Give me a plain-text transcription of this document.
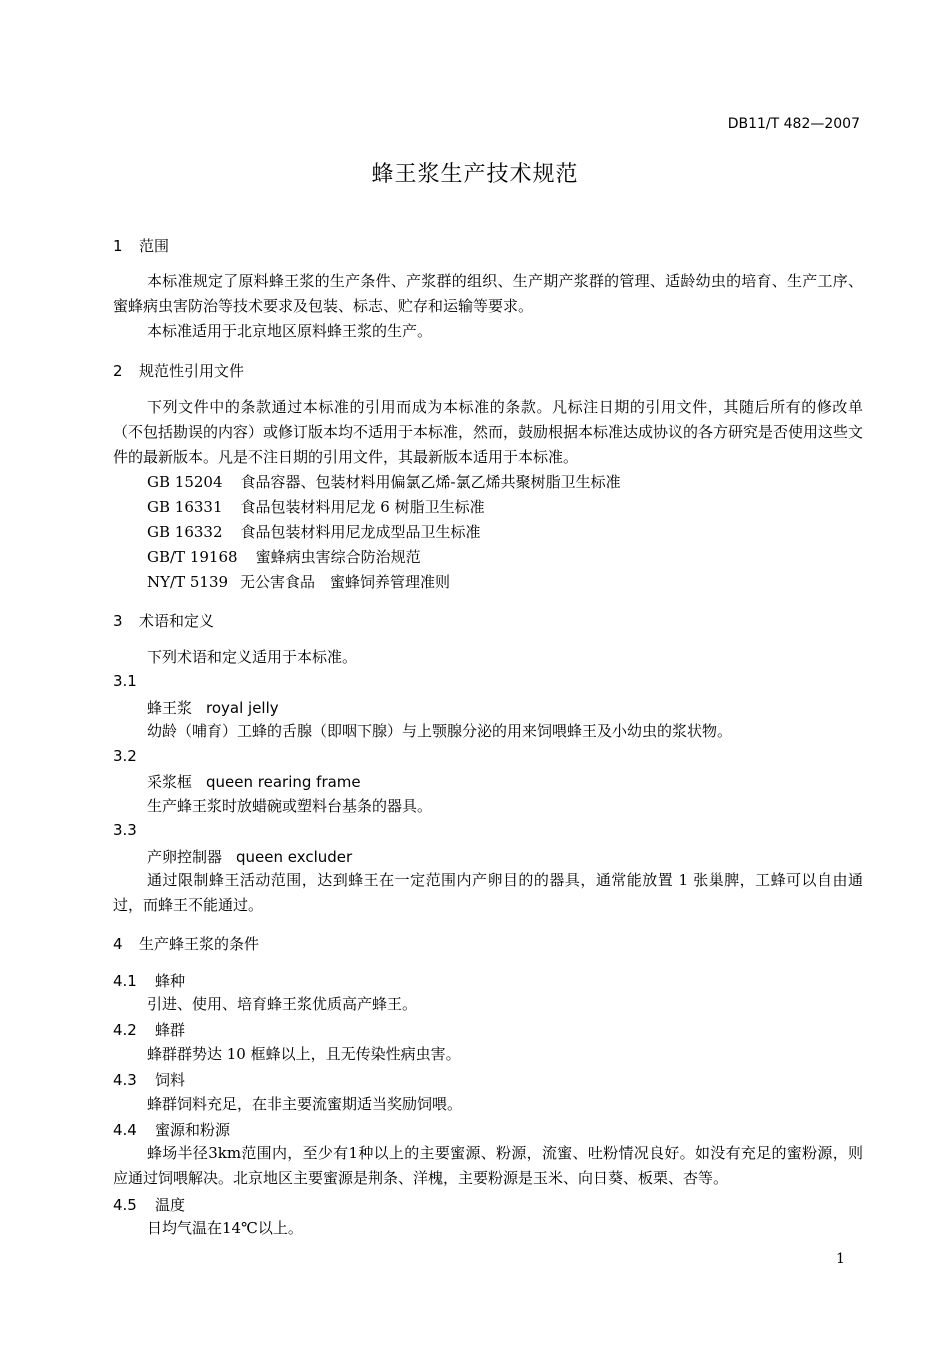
DB11/T 482—2007
蜂王浆生产技术规范
1 范围
本标准规定了原料蜂王浆的生产条件、产浆群的组织、生产期产浆群的管理、适龄幼虫的培育、生产工序、蜜蜂病虫害防治等技术要求及包装、标志、贮存和运输等要求。
本标准适用于北京地区原料蜂王浆的生产。
2 规范性引用文件
下列文件中的条款通过本标准的引用而成为本标准的条款。凡标注日期的引用文件，其随后所有的修改单（不包括勘误的内容）或修订版本均不适用于本标准，然而，鼓励根据本标准达成协议的各方研究是否使用这些文件的最新版本。凡是不注日期的引用文件，其最新版本适用于本标准。
GB 15204 食品容器、包装材料用偏氯乙烯-氯乙烯共聚树脂卫生标准
GB 16331 食品包装材料用尼龙 6 树脂卫生标准
GB 16332 食品包装材料用尼龙成型品卫生标准
GB/T 19168 蜜蜂病虫害综合防治规范
NY/T 5139 无公害食品　蜜蜂饲养管理准则
3 术语和定义
下列术语和定义适用于本标准。
3.1
蜂王浆 royal jelly
幼龄（哺育）工蜂的舌腺（即咽下腺）与上颚腺分泌的用来饲喂蜂王及小幼虫的浆状物。
3.2
采浆框 queen rearing frame
生产蜂王浆时放蜡碗或塑料台基条的器具。
3.3
产卵控制器 queen excluder
通过限制蜂王活动范围，达到蜂王在一定范围内产卵目的的器具，通常能放置 1 张巢脾，工蜂可以自由通过，而蜂王不能通过。
4 生产蜂王浆的条件
4.1 蜂种
引进、使用、培育蜂王浆优质高产蜂王。
4.2 蜂群
蜂群群势达 10 框蜂以上，且无传染性病虫害。
4.3 饲料
蜂群饲料充足，在非主要流蜜期适当奖励饲喂。
4.4 蜜源和粉源
蜂场半径3km范围内，至少有1种以上的主要蜜源、粉源，流蜜、吐粉情况良好。如没有充足的蜜粉源，则应通过饲喂解决。北京地区主要蜜源是荆条、洋槐，主要粉源是玉米、向日葵、板栗、杏等。
4.5 温度
日均气温在14℃以上。
1
